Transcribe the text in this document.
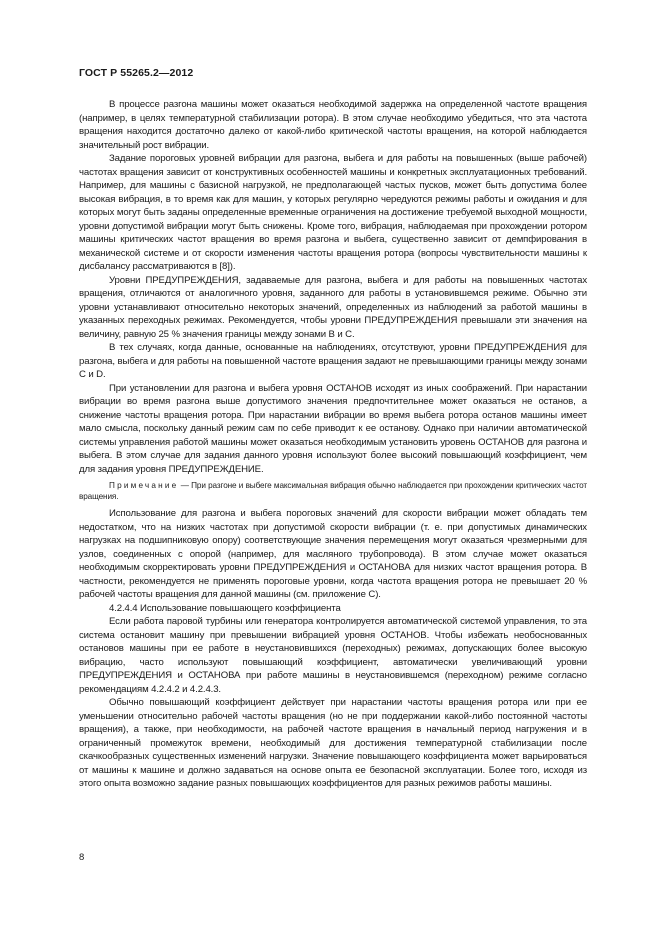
ГОСТ Р 55265.2—2012

В процессе разгона машины может оказаться необходимой задержка на определенной частоте вращения (например, в целях температурной стабилизации ротора). В этом случае необходимо убедиться, что эта частота вращения находится достаточно далеко от какой-либо критической частоты вращения, на которой наблюдается значительный рост вибрации.

Задание пороговых уровней вибрации для разгона, выбега и для работы на повышенных (выше рабочей) частотах вращения зависит от конструктивных особенностей машины и конкретных эксплуатационных требований. Например, для машины с базисной нагрузкой, не предполагающей частых пусков, может быть допустима более высокая вибрация, в то время как для машин, у которых регулярно чередуются режимы работы и ожидания и для которых могут быть заданы определенные временные ограничения на достижение требуемой выходной мощности, уровни допустимой вибрации могут быть снижены. Кроме того, вибрация, наблюдаемая при прохождении ротором машины критических частот вращения во время разгона и выбега, существенно зависит от демпфирования в механической системе и от скорости изменения частоты вращения ротора (вопросы чувствительности машины к дисбалансу рассматриваются в [8]).

Уровни ПРЕДУПРЕЖДЕНИЯ, задаваемые для разгона, выбега и для работы на повышенных частотах вращения, отличаются от аналогичного уровня, заданного для работы в установившемся режиме. Обычно эти уровни устанавливают относительно некоторых значений, определенных из наблюдений за работой машины в указанных переходных режимах. Рекомендуется, чтобы уровни ПРЕДУПРЕЖДЕНИЯ превышали эти значения на величину, равную 25 % значения границы между зонами В и С.

В тех случаях, когда данные, основанные на наблюдениях, отсутствуют, уровни ПРЕДУПРЕЖДЕНИЯ для разгона, выбега и для работы на повышенной частоте вращения задают не превышающими границы между зонами С и D.

При установлении для разгона и выбега уровня ОСТАНОВ исходят из иных соображений. При нарастании вибрации во время разгона выше допустимого значения предпочтительнее может оказаться не останов, а снижение частоты вращения ротора. При нарастании вибрации во время выбега ротора останов машины имеет мало смысла, поскольку данный режим сам по себе приводит к ее останову. Однако при наличии автоматической системы управления работой машины может оказаться необходимым установить уровень ОСТАНОВ для разгона и выбега. В этом случае для задания данного уровня используют более высокий повышающий коэффициент, чем для задания уровня ПРЕДУПРЕЖДЕНИЕ.

Примечание — При разгоне и выбеге максимальная вибрация обычно наблюдается при прохождении критических частот вращения.

Использование для разгона и выбега пороговых значений для скорости вибрации может обладать тем недостатком, что на низких частотах при допустимой скорости вибрации (т. е. при допустимых динамических нагрузках на подшипниковую опору) соответствующие значения перемещения могут оказаться чрезмерными для узлов, соединенных с опорой (например, для масляного трубопровода). В этом случае может оказаться необходимым скорректировать уровни ПРЕДУПРЕЖДЕНИЯ и ОСТАНОВА для низких частот вращения ротора. В частности, рекомендуется не применять пороговые уровни, когда частота вращения ротора не превышает 20 % рабочей частоты вращения для данной машины (см. приложение С).

4.2.4.4 Использование повышающего коэффициента

Если работа паровой турбины или генератора контролируется автоматической системой управления, то эта система остановит машину при превышении вибрацией уровня ОСТАНОВ. Чтобы избежать необоснованных остановов машины при ее работе в неустановившихся (переходных) режимах, допускающих более высокую вибрацию, часто используют повышающий коэффициент, автоматически увеличивающий уровни ПРЕДУПРЕЖДЕНИЯ и ОСТАНОВА при работе машины в неустановившемся (переходном) режиме согласно рекомендациям 4.2.4.2 и 4.2.4.3.

Обычно повышающий коэффициент действует при нарастании частоты вращения ротора или при ее уменьшении относительно рабочей частоты вращения (но не при поддержании какой-либо постоянной частоты вращения), а также, при необходимости, на рабочей частоте вращения в начальный период нагружения и в ограниченный промежуток времени, необходимый для достижения температурной стабилизации после скачкообразных существенных изменений нагрузки. Значение повышающего коэффициента может варьироваться от машины к машине и должно задаваться на основе опыта ее безопасной эксплуатации. Более того, исходя из этого опыта возможно задание разных повышающих коэффициентов для разных режимов работы машины.

8
